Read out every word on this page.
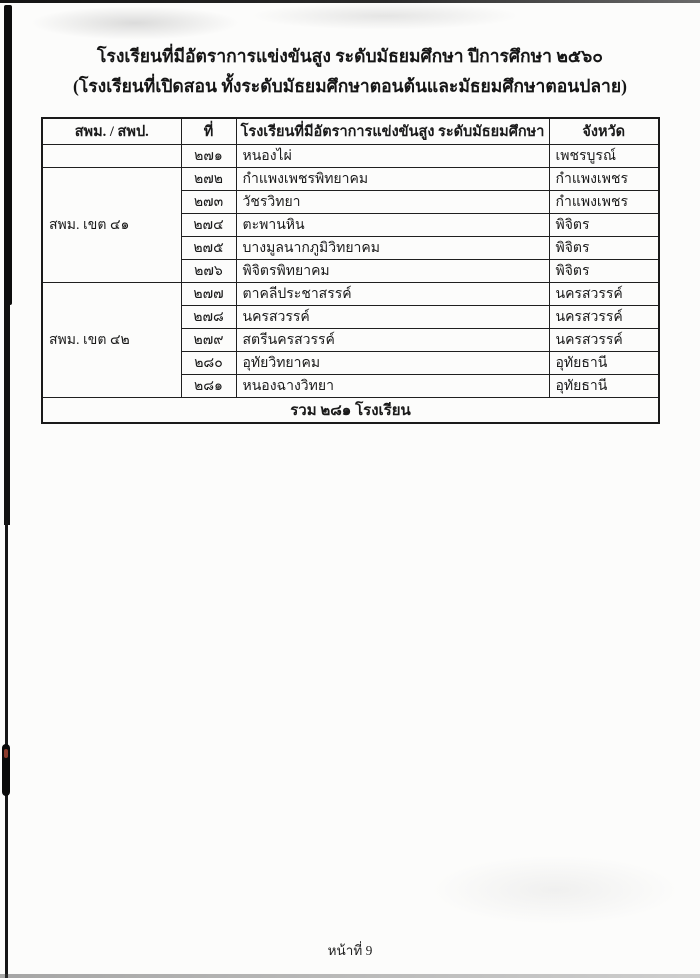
โรงเรียนที่มีอัตราการแข่งขันสูง ระดับมัธยมศึกษา ปีการศึกษา ๒๕๖๐
(โรงเรียนที่เปิดสอน ทั้งระดับมัธยมศึกษาตอนต้นและมัธยมศึกษาตอนปลาย)
สพม. / สพป.	ที่	โรงเรียนที่มีอัตราการแข่งขันสูง ระดับมัธยมศึกษา	จังหวัด
	๒๗๑	หนองไผ่	เพชรบูรณ์
สพม. เขต ๔๑	๒๗๒	กำแพงเพชรพิทยาคม	กำแพงเพชร
	๒๗๓	วัชรวิทยา	กำแพงเพชร
	๒๗๔	ตะพานหิน	พิจิตร
	๒๗๕	บางมูลนากภูมิวิทยาคม	พิจิตร
	๒๗๖	พิจิตรพิทยาคม	พิจิตร
สพม. เขต ๔๒	๒๗๗	ตาคลีประชาสรรค์	นครสวรรค์
	๒๗๘	นครสวรรค์	นครสวรรค์
	๒๗๙	สตรีนครสวรรค์	นครสวรรค์
	๒๘๐	อุทัยวิทยาคม	อุทัยธานี
	๒๘๑	หนองฉางวิทยา	อุทัยธานี
รวม ๒๘๑ โรงเรียน			
หน้าที่ 9
